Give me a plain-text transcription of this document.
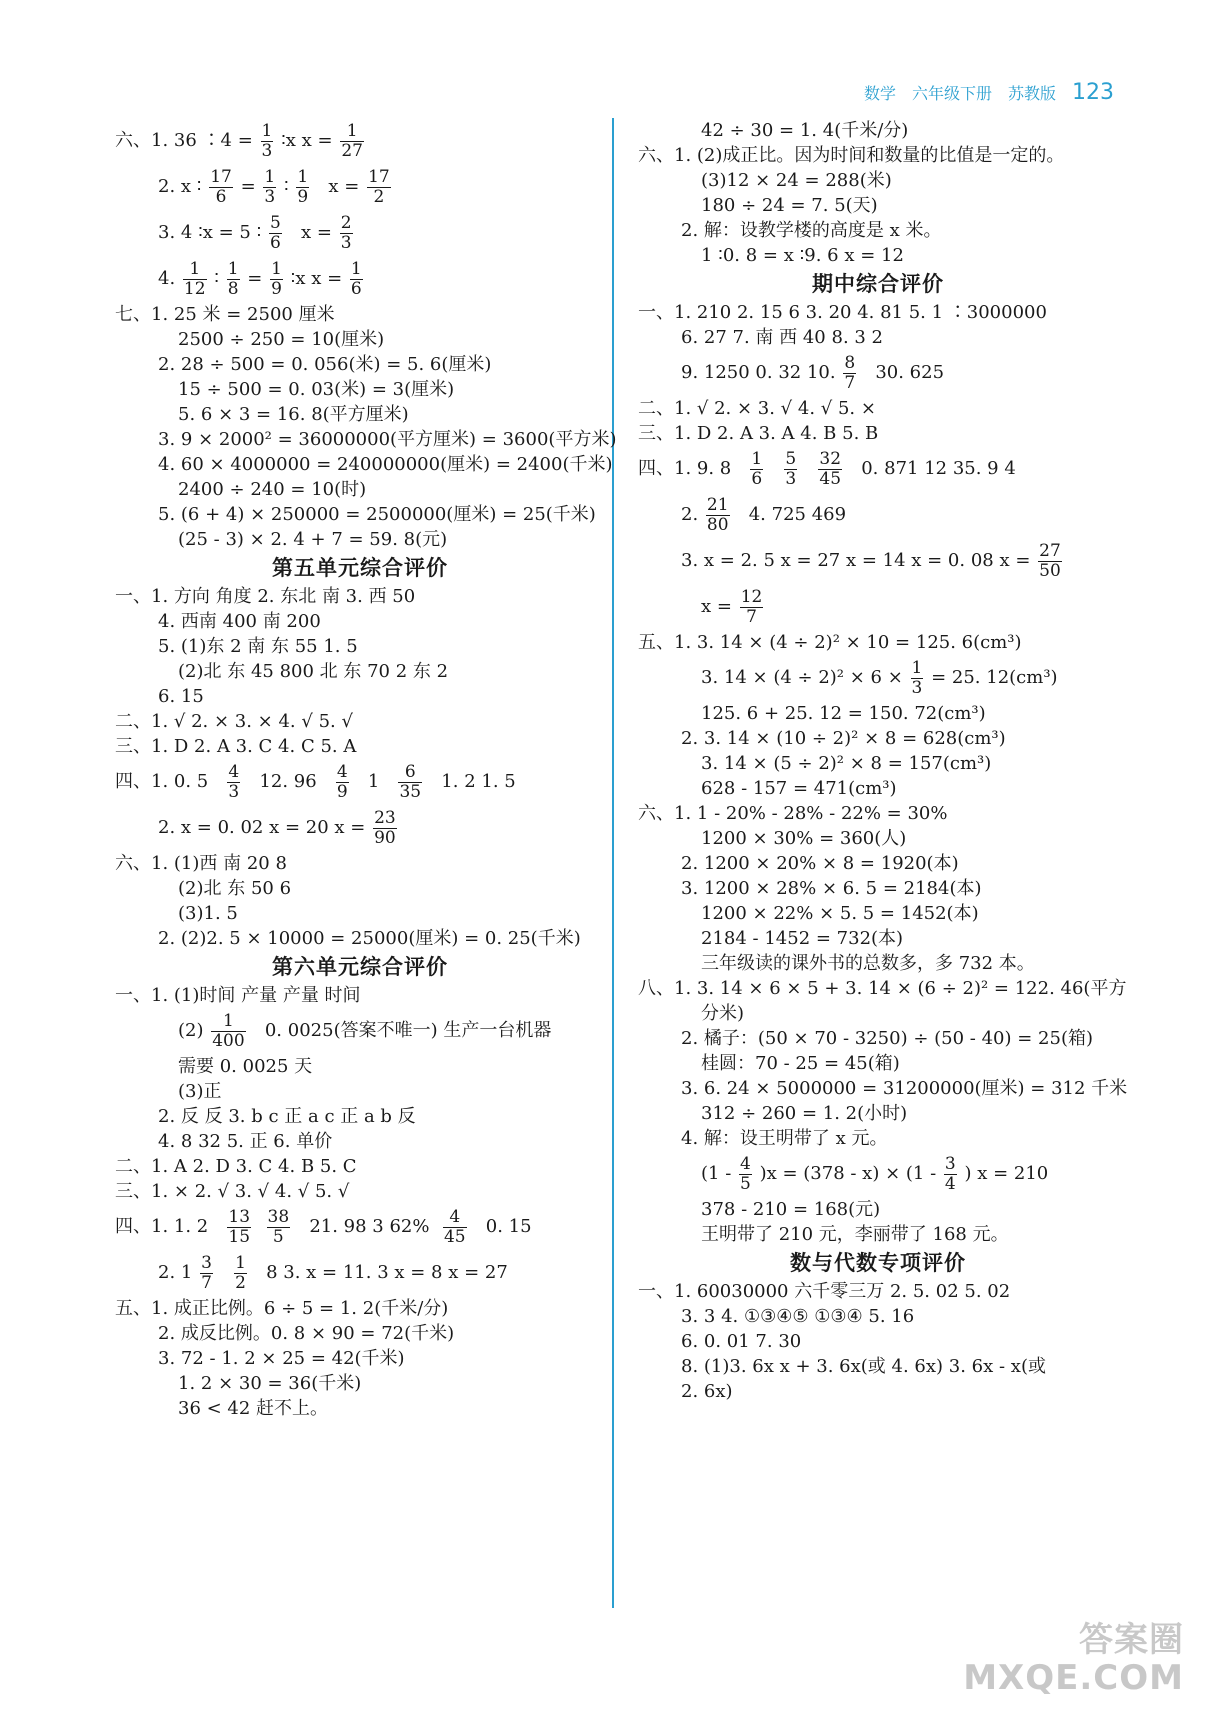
数学 六年级下册 苏教版 123
六、1. 36 ∶4 = $\frac{1}{3}$ ∶x $x = \frac{1}{27}$
2. x ∶ $\frac{17}{6} = \frac{1}{3}$ ∶ $\frac{1}{9}$ $x = \frac{17}{2}$
3. 4 ∶x = 5 ∶ $\frac{5}{6}$ $x = \frac{2}{3}$
4. $\frac{1}{12}$ ∶ $\frac{1}{8} = \frac{1}{9}$ ∶x $x = \frac{1}{6}$
七、1. 25 米 = 2500 厘米
2500 ÷ 250 = 10(厘米)
2. 28 ÷ 500 = 0. 056(米) = 5. 6(厘米)
15 ÷ 500 = 0. 03(米) = 3(厘米)
5. 6 × 3 = 16. 8(平方厘米)
3. 9 × 2000² = 36000000(平方厘米) = 3600(平方米)
4. 60 × 4000000 = 240000000(厘米) = 2400(千米)
2400 ÷ 240 = 10(时)
5. (6 + 4) × 250000 = 2500000(厘米) = 25(千米)
(25 - 3) × 2. 4 + 7 = 59. 8(元)
第五单元综合评价
一、1. 方向 角度 2. 东北 南 3. 西 50
4. 西南 400 南 200
5. (1)东 2 南 东 55 1. 5
(2)北 东 45 800 北 东 70 2 东 2
6. 15
二、1. √ 2. × 3. × 4. √ 5. √
三、1. D 2. A 3. C 4. C 5. A
四、1. 0. $5 \frac{4}{3} 12$. $96 \frac{4}{9} 1 \frac{6}{35} 1$. 2 1. 5
2. x = 0. 02 x = 20 $x = \frac{23}{90}$
六、1. (1)西 南 20 8
(2)北 东 50 6
(3)1. 5
2. (2)2. 5 × 10000 = 25000(厘米) = 0. 25(千米)
第六单元综合评价
一、1. (1)时间 产量 产量 时间
$(2) \frac{1}{400} 0$. 0025(答案不唯一) 生产一台机器
需要 0. 0025 天
(3)正
2. 反 反 3. b c 正 a c 正 a b 反
4. 8 32 5. 正 6. 单价
二、1. A 2. D 3. C 4. B 5. C
三、1. × 2. √ 3. √ 4. √ 5. √
四、1. 1. $2 \frac{13}{15}$
$\frac{38}{5} 21$. 98 3 $62\% \frac{4}{45} 0$. 15
2. $1 \frac{3}{7}$
$\frac{1}{2} 8$ 3. x = 11. 3 x = 8 x = 27
五、1. 成正比例。6 ÷ 5 = 1. 2(千米/分)
2. 成反比例。0. 8 × 90 = 72(千米)
3. 72 - 1. 2 × 25 = 42(千米)
1. 2 × 30 = 36(千米)
36 < 42 赶不上。
42 ÷ 30 = 1. 4(千米/分)
六、1. (2)成正比。因为时间和数量的比值是一定的。
(3)12 × 24 = 288(米)
180 ÷ 24 = 7. 5(天)
2. 解：设教学楼的高度是 x 米。
1 ∶0. 8 = x ∶9. 6 x = 12
期中综合评价
一、1. 210 2. 15 6 3. 20 4. 81 5. 1 ∶3000000
6. 27 7. 南 西 40 8. 3 2
9. 1250 0. 32 10. $\frac{8}{7} 30$. 625
二、1. √ 2. × 3. √ 4. √ 5. ×
三、1. D 2. A 3. A 4. B 5. B
四、1. 9. $8 \frac{1}{6}$
$\frac{5}{3}$
$\frac{32}{45} 0$. 871 12 35. 9 4
2. $\frac{21}{80} 4$. 725 469
3. x = 2. 5 x = 27 x = 14 x = 0. 08 $x = \frac{27}{50}$
$x = \frac{12}{7}$
五、1. 3. 14 × (4 ÷ 2)² × 10 = 125. 6(cm³)
3. $14 \times (4 \div 2)^2 \times 6 \times \frac{1}{3} = 25$. 12(cm³)
125. 6 + 25. 12 = 150. 72(cm³)
2. 3. 14 × (10 ÷ 2)² × 8 = 628(cm³)
3. 14 × (5 ÷ 2)² × 8 = 157(cm³)
628 - 157 = 471(cm³)
六、1. 1 - 20% - 28% - 22% = 30%
1200 × 30% = 360(人)
2. 1200 × 20% × 8 = 1920(本)
3. 1200 × 28% × 6. 5 = 2184(本)
1200 × 22% × 5. 5 = 1452(本)
2184 - 1452 = 732(本)
三年级读的课外书的总数多，多 732 本。
八、1. 3. 14 × 6 × 5 + 3. 14 × (6 ÷ 2)² = 122. 46(平方
分米)
2. 橘子：(50 × 70 - 3250) ÷ (50 - 40) = 25(箱)
桂圆：70 - 25 = 45(箱)
3. 6. 24 × 5000000 = 31200000(厘米) = 312 千米
312 ÷ 260 = 1. 2(小时)
4. 解：设王明带了 x 元。
$(1 - \frac{4}{5} )x = (378 - x) \times (1 - \frac{3}{4}$ ) x = 210
378 - 210 = 168(元)
王明带了 210 元，李丽带了 168 元。
数与代数专项评价
一、1. 60030000 六千零三万 2. 5. 02̇ 5. 02
3. 3 4. ①③④⑤ ①③④ 5. 16
6. 0. 01 7. 30
8. (1)3. 6x x + 3. 6x(或 4. 6x) 3. 6x - x(或
2. 6x)
答案圈
MXQE.COM
